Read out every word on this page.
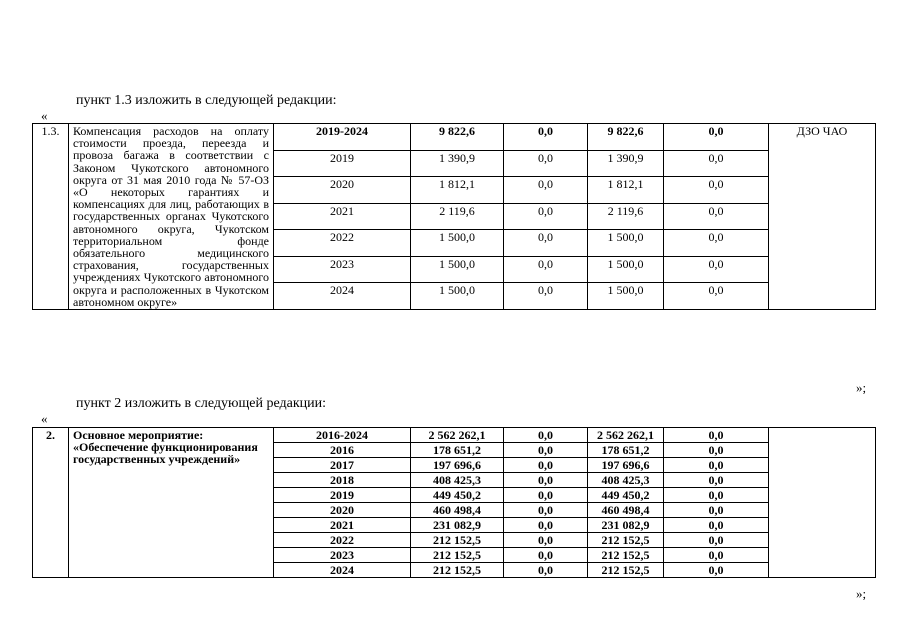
пункт 1.3 изложить в следующей редакции:
«
1.3.	Компенсация расходов на оплату стоимости проезда, переезда и провоза багажа в соответствии с Законом Чукотского автономного округа от 31 мая 2010 года № 57-ОЗ «О некоторых гарантиях и компенсациях для лиц, работающих в государственных органах Чукотского автономного округа, Чукотском территориальном фонде обязательного медицинского страхования, государственных учреждениях Чукотского автономного округа и расположенных в Чукотском автономном округе»	2019-2024	9 822,6	0,0	9 822,6	0,0	ДЗО ЧАО
		2019	1 390,9	0,0	1 390,9	0,0	
		2020	1 812,1	0,0	1 812,1	0,0	
		2021	2 119,6	0,0	2 119,6	0,0	
		2022	1 500,0	0,0	1 500,0	0,0	
		2023	1 500,0	0,0	1 500,0	0,0	
		2024	1 500,0	0,0	1 500,0	0,0	
»;
пункт 2 изложить в следующей редакции:
«
2.	Основное мероприятие: «Обеспечение функционирования государственных учреждений»	2016-2024	2 562 262,1	0,0	2 562 262,1	0,0	
		2016	178 651,2	0,0	178 651,2	0,0	
		2017	197 696,6	0,0	197 696,6	0,0	
		2018	408 425,3	0,0	408 425,3	0,0	
		2019	449 450,2	0,0	449 450,2	0,0	
		2020	460 498,4	0,0	460 498,4	0,0	
		2021	231 082,9	0,0	231 082,9	0,0	
		2022	212 152,5	0,0	212 152,5	0,0	
		2023	212 152,5	0,0	212 152,5	0,0	
		2024	212 152,5	0,0	212 152,5	0,0	
»;
